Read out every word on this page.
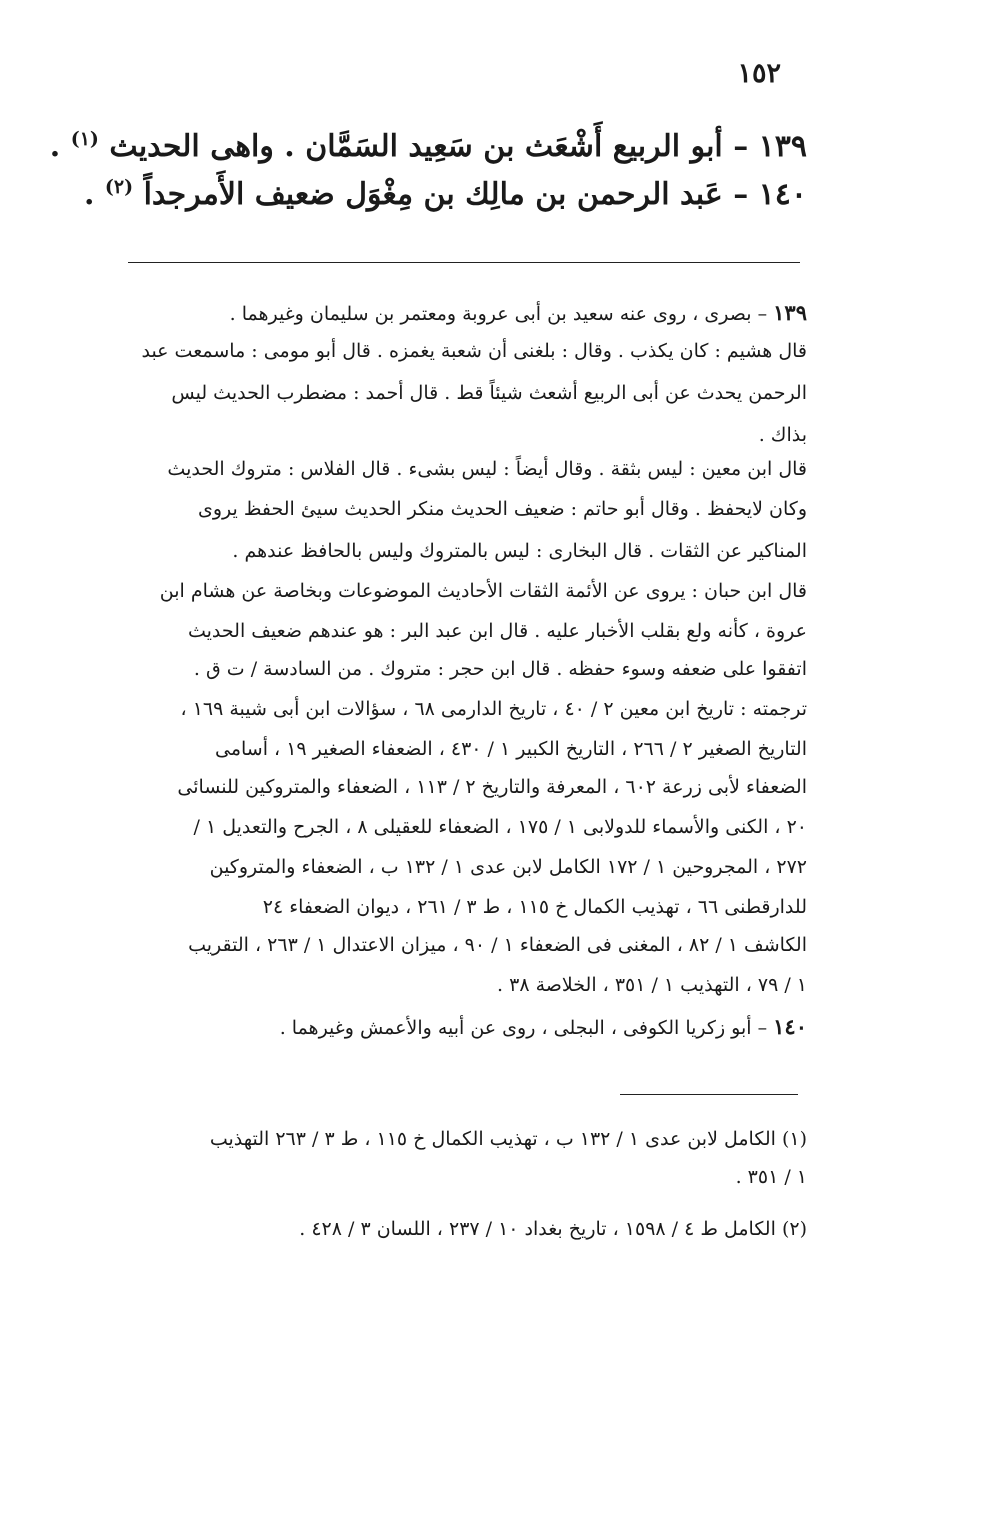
١٥٢
١٣٩ – أبو الربيع أَشْعَث بن سَعِيد السَمَّان . واهى الحديث $^{(١)}$ .
١٤٠ – عَبد الرحمن بن مالِك بن مِغْوَل ضعيف الأَمرجداً $^{(٢)}$ .
١٣٩ – بصرى ، روى عنه سعيد بن أبى عروبة ومعتمر بن سليمان وغيرهما .
قال هشيم : كان يكذب . وقال : بلغنى أن شعبة يغمزه . قال أبو مومى : ماسمعت عبد
الرحمن يحدث عن أبى الربيع أشعث شيئاً قط . قال أحمد : مضطرب الحديث ليس
بذاك .
قال ابن معين : ليس بثقة . وقال أيضاً : ليس بشىء . قال الفلاس : متروك الحديث
وكان لايحفظ . وقال أبو حاتم : ضعيف الحديث منكر الحديث سيئ الحفظ يروى
المناكير عن الثقات . قال البخارى : ليس بالمتروك وليس بالحافظ عندهم .
قال ابن حبان : يروى عن الأئمة الثقات الأحاديث الموضوعات وبخاصة عن هشام ابن
عروة ، كأنه ولع بقلب الأخبار عليه . قال ابن عبد البر : هو عندهم ضعيف الحديث
اتفقوا على ضعفه وسوء حفظه . قال ابن حجر : متروك . من السادسة / ت ق .
ترجمته : تاريخ ابن معين ٢ / ٤٠ ، تاريخ الدارمى ٦٨ ، سؤالات ابن أبى شيبة ١٦٩ ،
التاريخ الصغير ٢ / ٢٦٦ ، التاريخ الكبير ١ / ٤٣٠ ، الضعفاء الصغير ١٩ ، أسامى
الضعفاء لأبى زرعة ٦٠٢ ، المعرفة والتاريخ ٢ / ١١٣ ، الضعفاء والمتروكين للنسائى
٢٠ ، الكنى والأسماء للدولابى ١ / ١٧٥ ، الضعفاء للعقيلى ٨ ، الجرح والتعديل ١ /
٢٧٢ ، المجروحين ١ / ١٧٢ الكامل لابن عدى ١ / ١٣٢ ب ، الضعفاء والمتروكين
للدارقطنى ٦٦ ، تهذيب الكمال خ ١١٥ ، ط ٣ / ٢٦١ ، ديوان الضعفاء ٢٤
الكاشف ١ / ٨٢ ، المغنى فى الضعفاء ١ / ٩٠ ، ميزان الاعتدال ١ / ٢٦٣ ، التقريب
١ / ٧٩ ، التهذيب ١ / ٣٥١ ، الخلاصة ٣٨ .
١٤٠ – أبو زكريا الكوفى ، البجلى ، روى عن أبيه والأعمش وغيرهما .
(١) الكامل لابن عدى ١ / ١٣٢ ب ، تهذيب الكمال خ ١١٥ ، ط ٣ / ٢٦٣ التهذيب
١ / ٣٥١ .
(٢) الكامل ط ٤ / ١٥٩٨ ، تاريخ بغداد ١٠ / ٢٣٧ ، اللسان ٣ / ٤٢٨ .
